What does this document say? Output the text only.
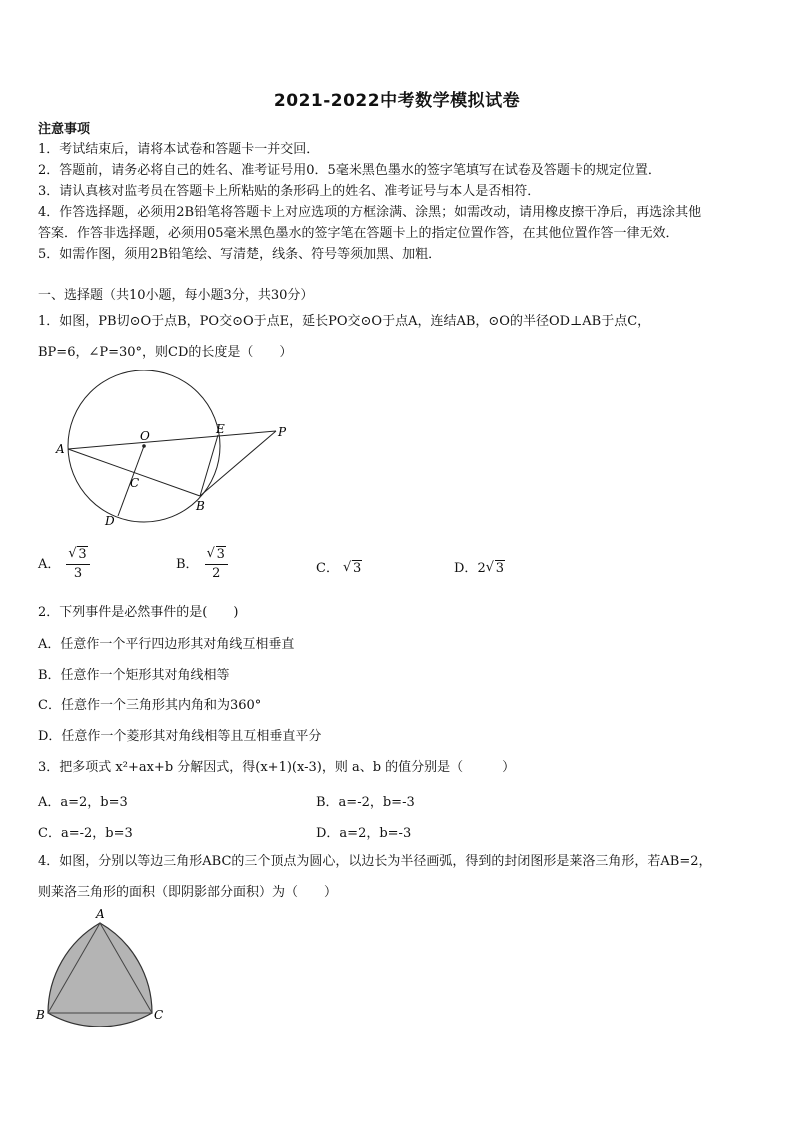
2021-2022中考数学模拟试卷
注意事项
1．考试结束后，请将本试卷和答题卡一并交回．
2．答题前，请务必将自己的姓名、准考证号用0．5毫米黑色墨水的签字笔填写在试卷及答题卡的规定位置．
3．请认真核对监考员在答题卡上所粘贴的条形码上的姓名、准考证号与本人是否相符．
4．作答选择题，必须用2B铅笔将答题卡上对应选项的方框涂满、涂黑；如需改动，请用橡皮擦干净后，再选涂其他
答案．作答非选择题，必须用05毫米黑色墨水的签字笔在答题卡上的指定位置作答，在其他位置作答一律无效．
5．如需作图，须用2B铅笔绘、写清楚，线条、符号等须加黑、加粗．
一、选择题（共10小题，每小题3分，共30分）
1．如图，PB切⊙O于点B，PO交⊙O于点E，延长PO交⊙O于点A，连结AB，⊙O的半径OD⊥AB于点C，
BP=6，∠P=30°，则CD的长度是（　　）
A
O	E	P
C
D
B
A． √ $\frac{3}{3}$	B． √ $\frac{3}{2}$	C． √ 3	D．2 √ 3
2．下列事件是必然事件的是(　　)
A．任意作一个平行四边形其对角线互相垂直
B．任意作一个矩形其对角线相等
C．任意作一个三角形其内角和为360°
D．任意作一个菱形其对角线相等且互相垂直平分
3．把多项式 x²+ax+b 分解因式，得(x+1)(x-3)，则 a、b 的值分别是（　　　）
A．a=2，b=3	B．a=-2，b=-3
C．a=-2，b=3	D．a=2，b=-3
4．如图，分别以等边三角形ABC的三个顶点为圆心，以边长为半径画弧，得到的封闭图形是莱洛三角形，若AB=2，
则莱洛三角形的面积（即阴影部分面积）为（　　）
A
B	C
